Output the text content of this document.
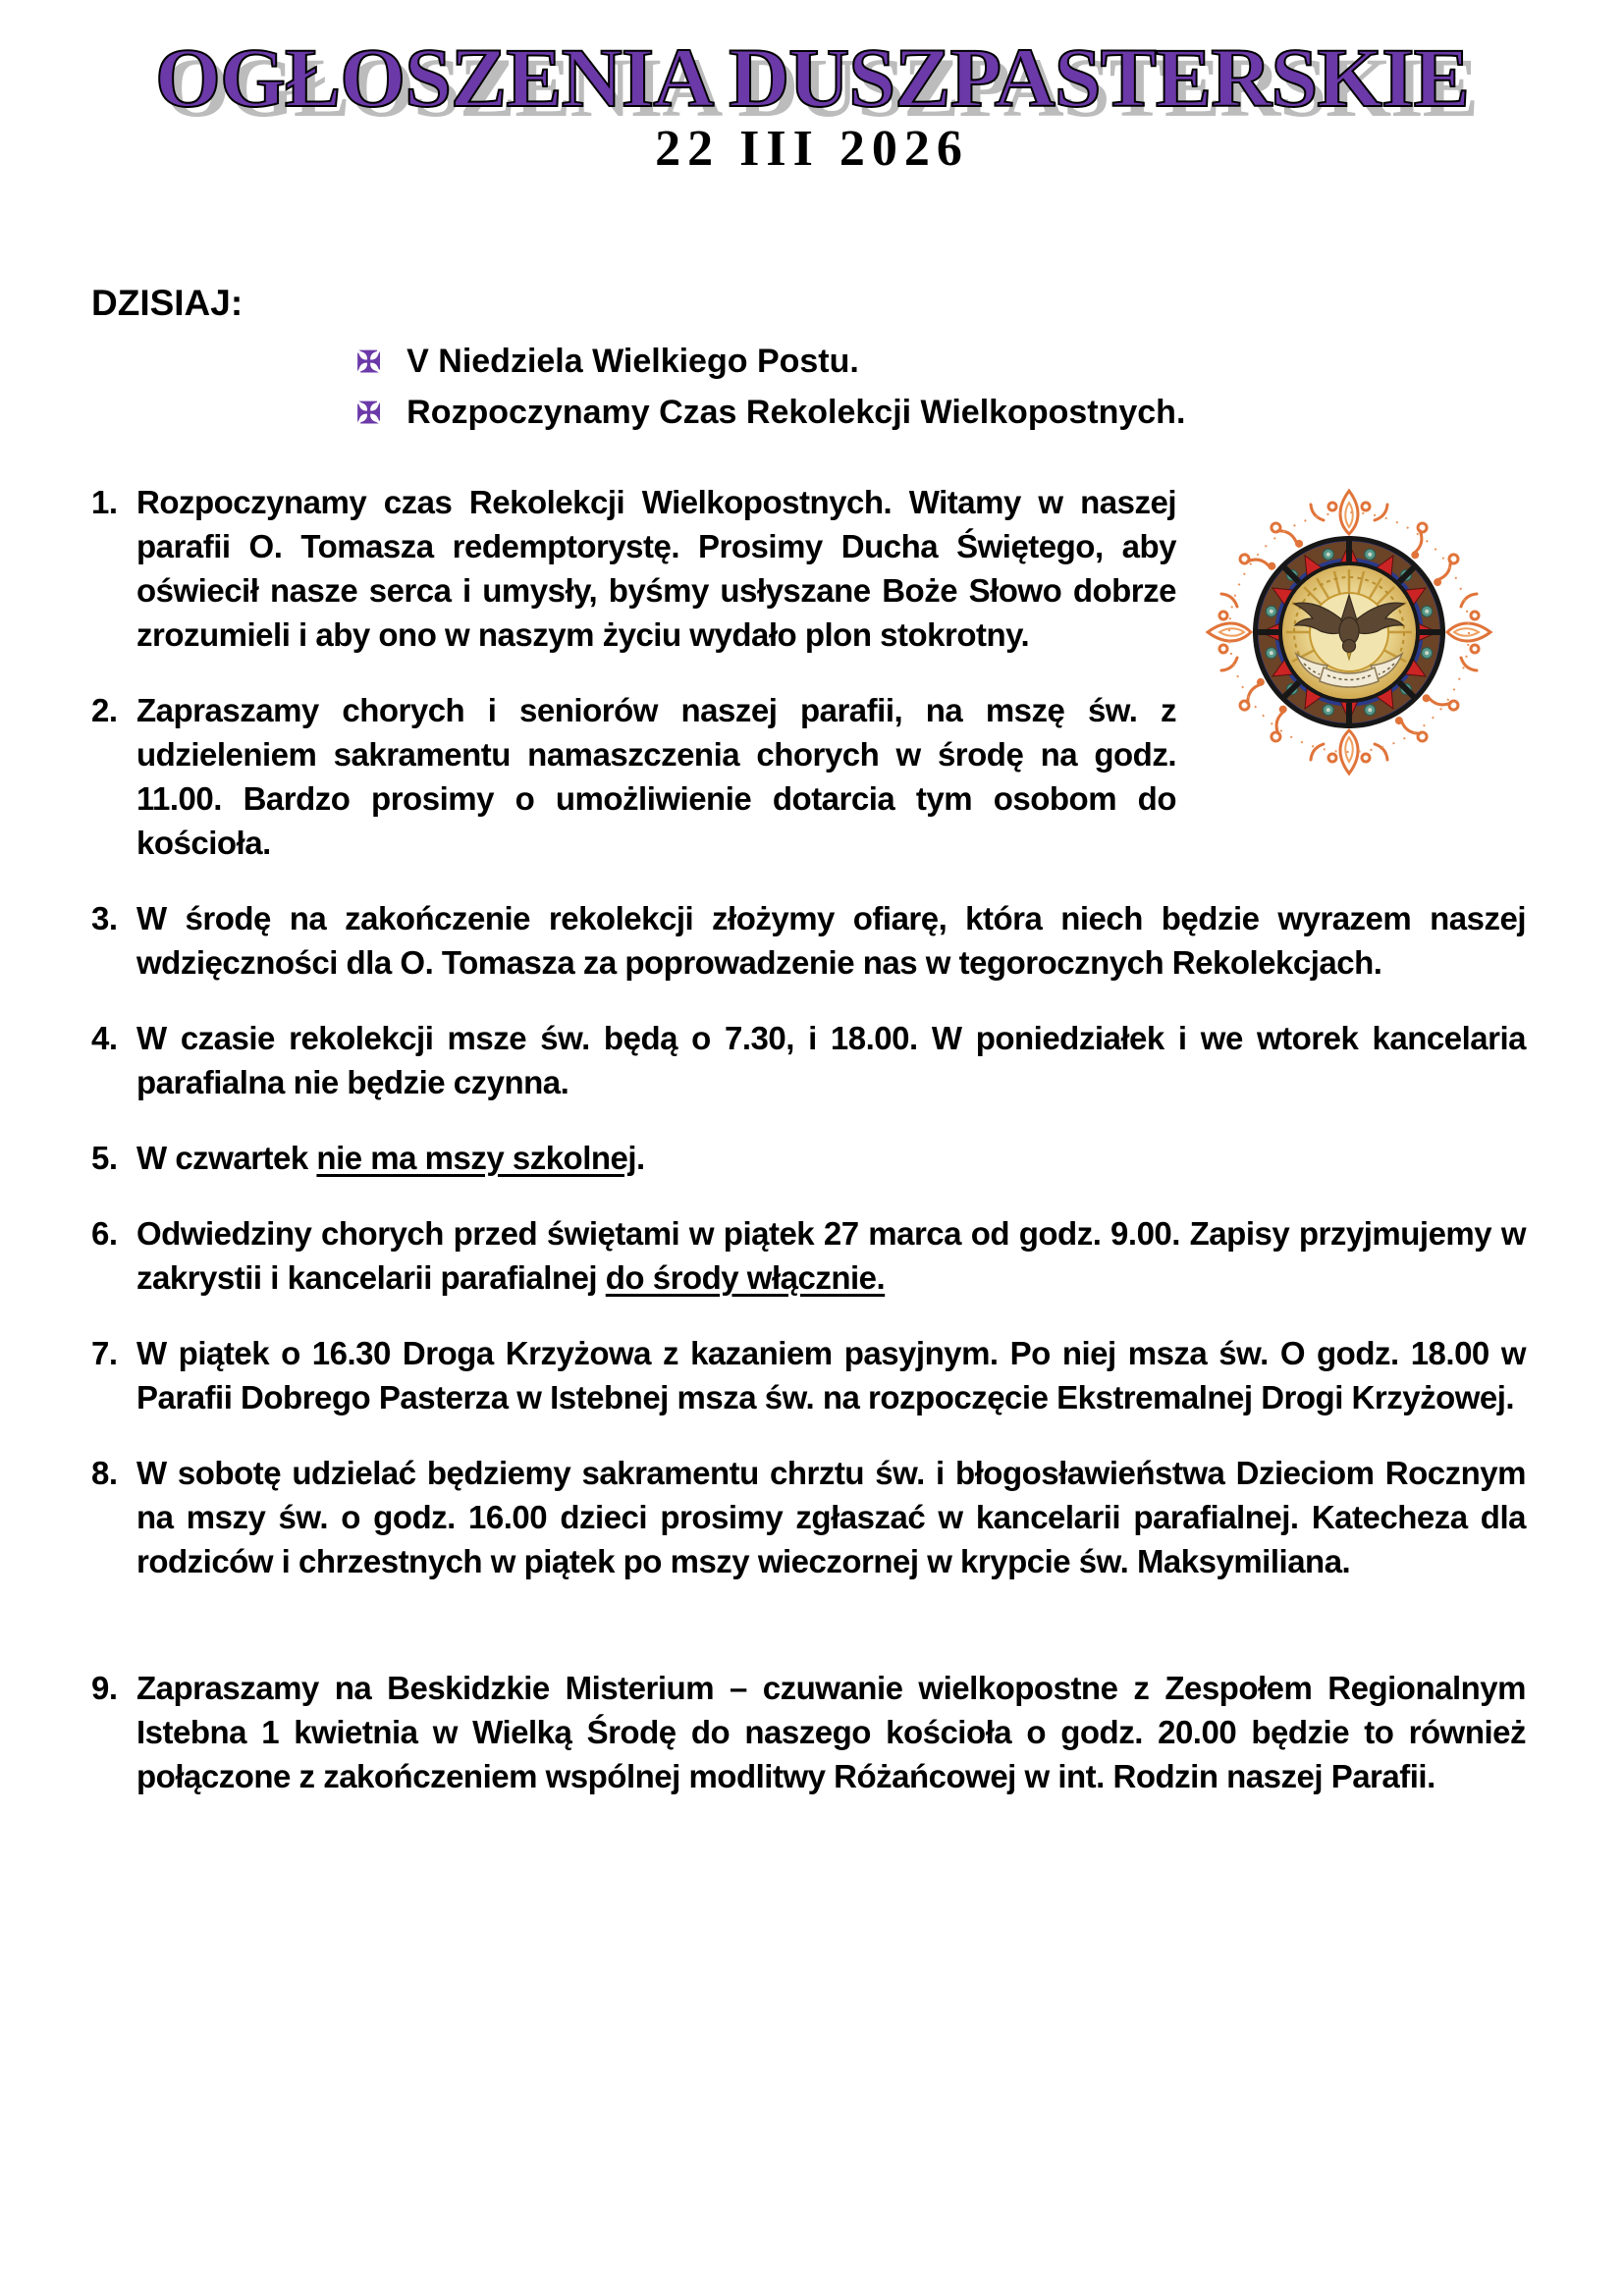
OGŁOSZENIA DUSZPASTERSKIE
22 III 2026
DZISIAJ:
✠ V Niedziela Wielkiego Postu.
✠ Rozpoczynamy Czas Rekolekcji Wielkopostnych.
1. Rozpoczynamy czas Rekolekcji Wielkopostnych. Witamy w naszej parafii O. Tomasza redemptorystę. Prosimy Ducha Świętego, aby oświecił nasze serca i umysły, byśmy usłyszane Boże Słowo dobrze zrozumieli i aby ono w naszym życiu wydało plon stokrotny.
2. Zapraszamy chorych i seniorów naszej parafii, na mszę św. z udzieleniem sakramentu namaszczenia chorych w środę na godz. 11.00. Bardzo prosimy o umożliwienie dotarcia tym osobom do kościoła.
3. W środę na zakończenie rekolekcji złożymy ofiarę, która niech będzie wyrazem naszej wdzięczności dla O. Tomasza za poprowadzenie nas w tegorocznych Rekolekcjach.
4. W czasie rekolekcji msze św. będą o 7.30, i 18.00. W poniedziałek i we wtorek kancelaria parafialna nie będzie czynna.
5. W czwartek nie ma mszy szkolnej.
6. Odwiedziny chorych przed świętami w piątek 27 marca od godz. 9.00. Zapisy przyjmujemy w zakrystii i kancelarii parafialnej do środy włącznie.
7. W piątek o 16.30 Droga Krzyżowa z kazaniem pasyjnym. Po niej msza św. O godz. 18.00 w Parafii Dobrego Pasterza w Istebnej msza św. na rozpoczęcie Ekstremalnej Drogi Krzyżowej.
8. W sobotę udzielać będziemy sakramentu chrztu św. i błogosławieństwa Dzieciom Rocznym na mszy św. o godz. 16.00 dzieci prosimy zgłaszać w kancelarii parafialnej. Katecheza dla rodziców i chrzestnych w piątek po mszy wieczornej w krypcie św. Maksymiliana.
9. Zapraszamy na Beskidzkie Misterium – czuwanie wielkopostne z Zespołem Regionalnym Istebna 1 kwietnia w Wielką Środę do naszego kościoła o godz. 20.00 będzie to również połączone z zakończeniem wspólnej modlitwy Różańcowej w int. Rodzin naszej Parafii.
